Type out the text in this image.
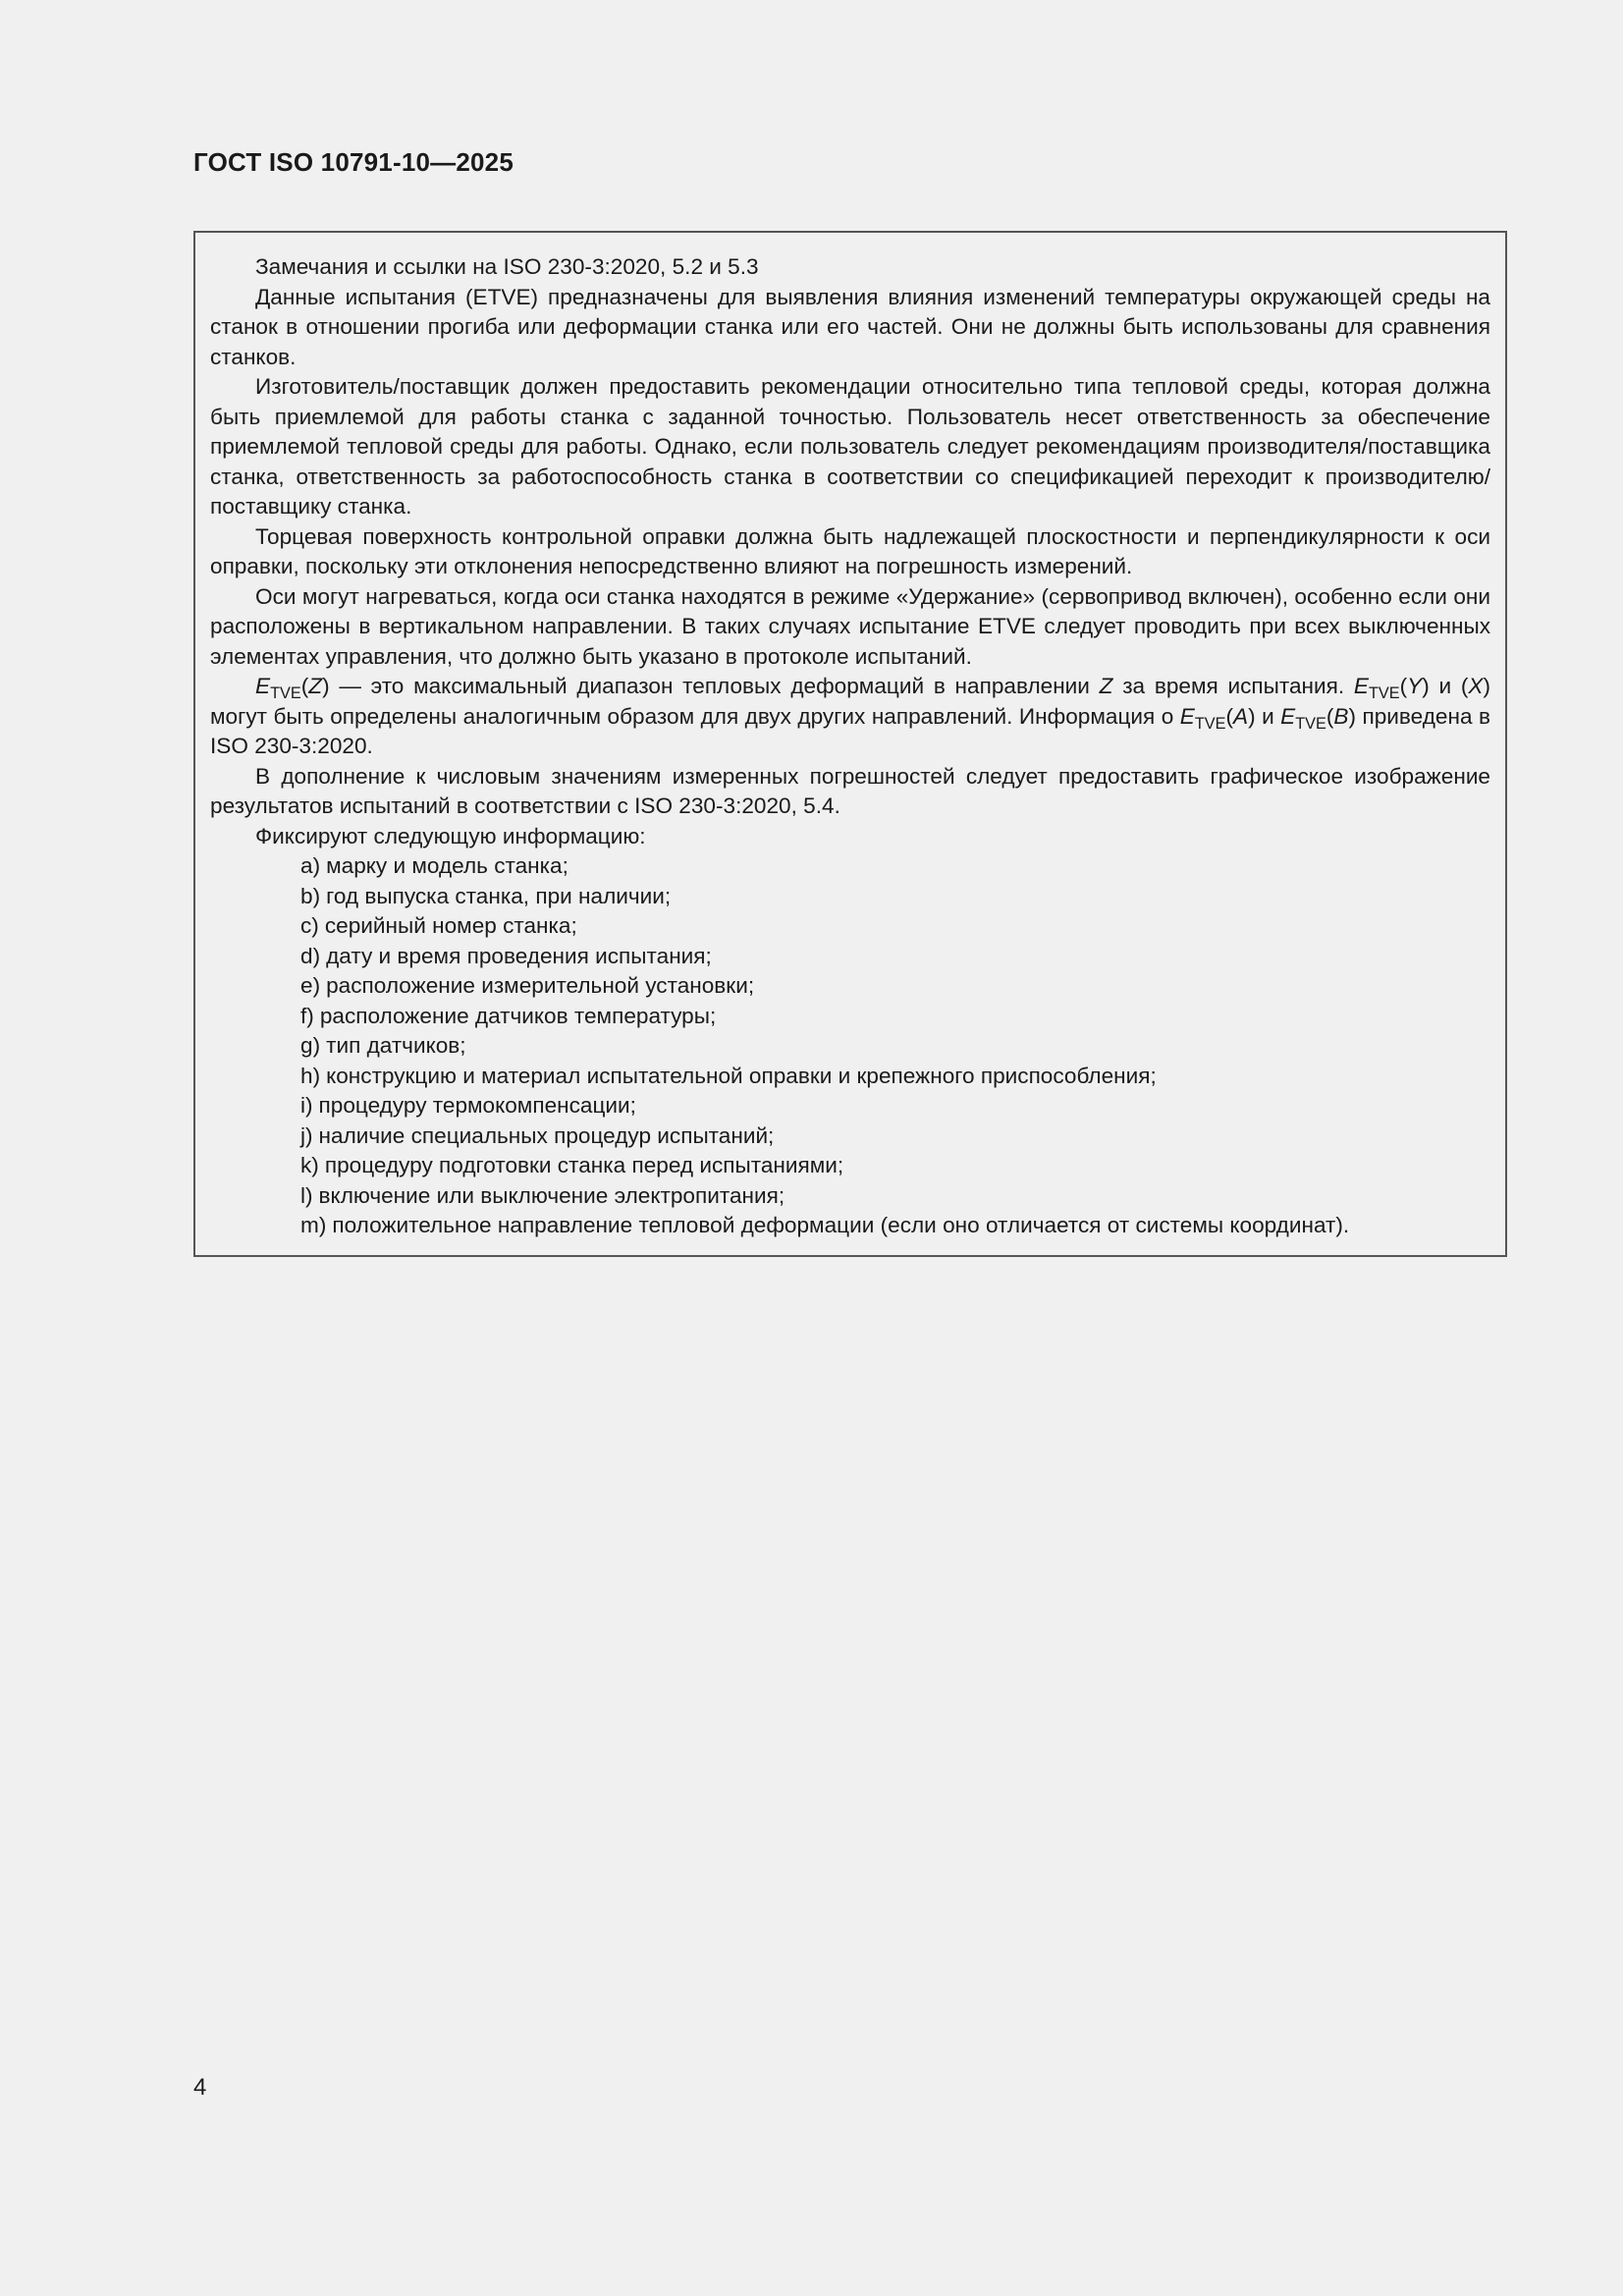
ГОСТ ISO 10791-10—2025

Замечания и ссылки на ISO 230-3:2020, 5.2 и 5.3

Данные испытания (ETVE) предназначены для выявления влияния изменений температуры окружающей среды на станок в отношении прогиба или деформации станка или его частей. Они не должны быть использованы для сравнения станков.

Изготовитель/поставщик должен предоставить рекомендации относительно типа тепловой среды, которая должна быть приемлемой для работы станка с заданной точностью. Пользователь несет ответственность за обеспечение приемлемой тепловой среды для работы. Однако, если пользователь следует рекомендациям производителя/поставщика станка, ответственность за работоспособность станка в соответствии со спецификацией переходит к производителю/поставщику станка.

Торцевая поверхность контрольной оправки должна быть надлежащей плоскостности и перпендикулярности к оси оправки, поскольку эти отклонения непосредственно влияют на погрешность измерений.

Оси могут нагреваться, когда оси станка находятся в режиме «Удержание» (сервопривод включен), особенно если они расположены в вертикальном направлении. В таких случаях испытание ETVE следует проводить при всех выключенных элементах управления, что должно быть указано в протоколе испытаний.

$E_{TVE}(Z)$ — это максимальный диапазон тепловых деформаций в направлении Z за время испытания. $E_{TVE}(Y)$ и (X) могут быть определены аналогичным образом для двух других направлений. Информация о $E_{TVE}(A)$ и $E_{TVE}(B)$ приведена в ISO 230-3:2020.

В дополнение к числовым значениям измеренных погрешностей следует предоставить графическое изображение результатов испытаний в соответствии с ISO 230-3:2020, 5.4.

Фиксируют следующую информацию:

a) марку и модель станка;

b) год выпуска станка, при наличии;

c) серийный номер станка;

d) дату и время проведения испытания;

e) расположение измерительной установки;

f) расположение датчиков температуры;

g) тип датчиков;

h) конструкцию и материал испытательной оправки и крепежного приспособления;

i) процедуру термокомпенсации;

j) наличие специальных процедур испытаний;

k) процедуру подготовки станка перед испытаниями;

l) включение или выключение электропитания;

m) положительное направление тепловой деформации (если оно отличается от системы координат).

4
